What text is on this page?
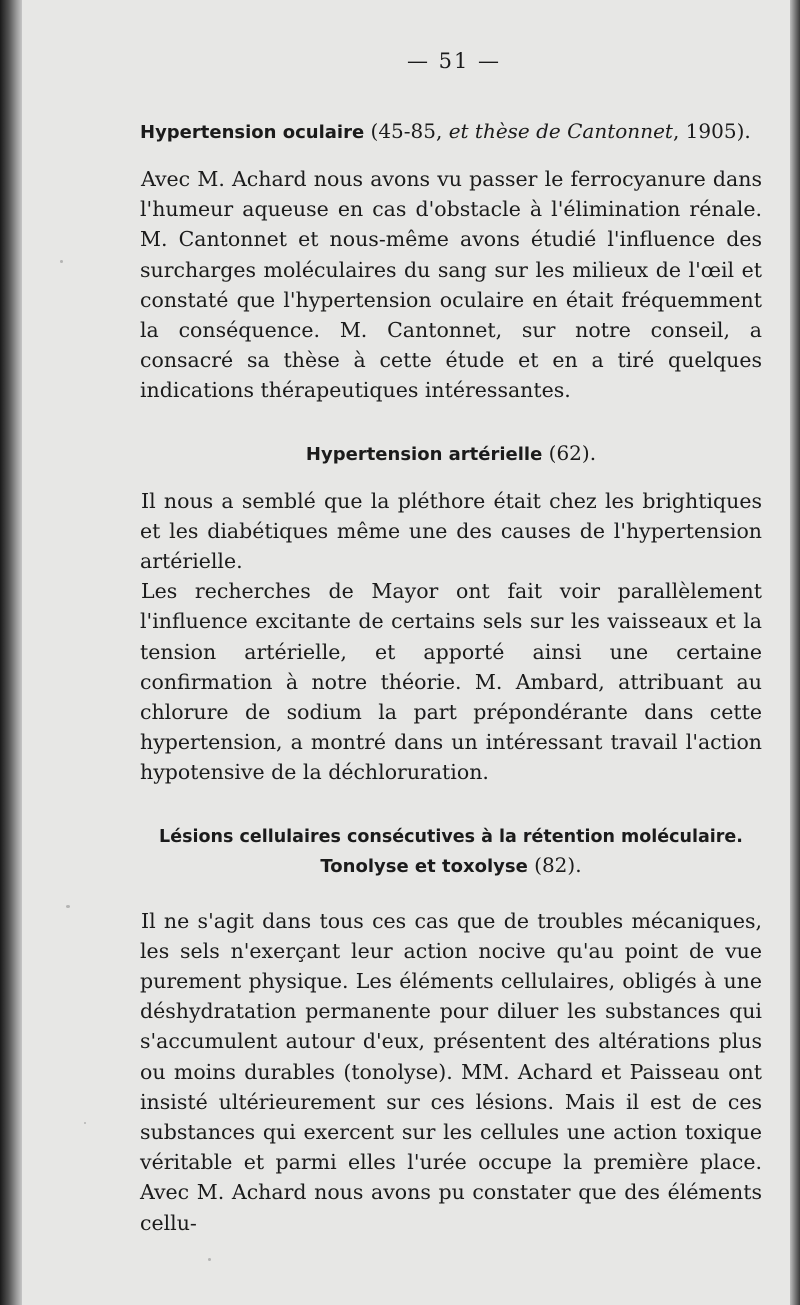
— 51 —

Hypertension oculaire (45-85, et thèse de Cantonnet, 1905).

Avec M. Achard nous avons vu passer le ferrocyanure dans l'humeur aqueuse en cas d'obstacle à l'élimination rénale. M. Cantonnet et nous-même avons étudié l'influence des surcharges moléculaires du sang sur les milieux de l'œil et constaté que l'hypertension oculaire en était fréquemment la conséquence. M. Cantonnet, sur notre conseil, a consacré sa thèse à cette étude et en a tiré quelques indications thérapeutiques intéressantes.

Hypertension artérielle (62).

Il nous a semblé que la pléthore était chez les brightiques et les diabétiques même une des causes de l'hypertension artérielle.

Les recherches de Mayor ont fait voir parallèlement l'influence excitante de certains sels sur les vaisseaux et la tension artérielle, et apporté ainsi une certaine confirmation à notre théorie. M. Ambard, attribuant au chlorure de sodium la part prépondérante dans cette hypertension, a montré dans un intéressant travail l'action hypotensive de la déchloruration.

Lésions cellulaires consécutives à la rétention moléculaire.
Tonolyse et toxolyse (82).

Il ne s'agit dans tous ces cas que de troubles mécaniques, les sels n'exerçant leur action nocive qu'au point de vue purement physique. Les éléments cellulaires, obligés à une déshydratation permanente pour diluer les substances qui s'accumulent autour d'eux, présentent des altérations plus ou moins durables (tonolyse). MM. Achard et Paisseau ont insisté ultérieurement sur ces lésions. Mais il est de ces substances qui exercent sur les cellules une action toxique véritable et parmi elles l'urée occupe la première place. Avec M. Achard nous avons pu constater que des éléments cellu-
